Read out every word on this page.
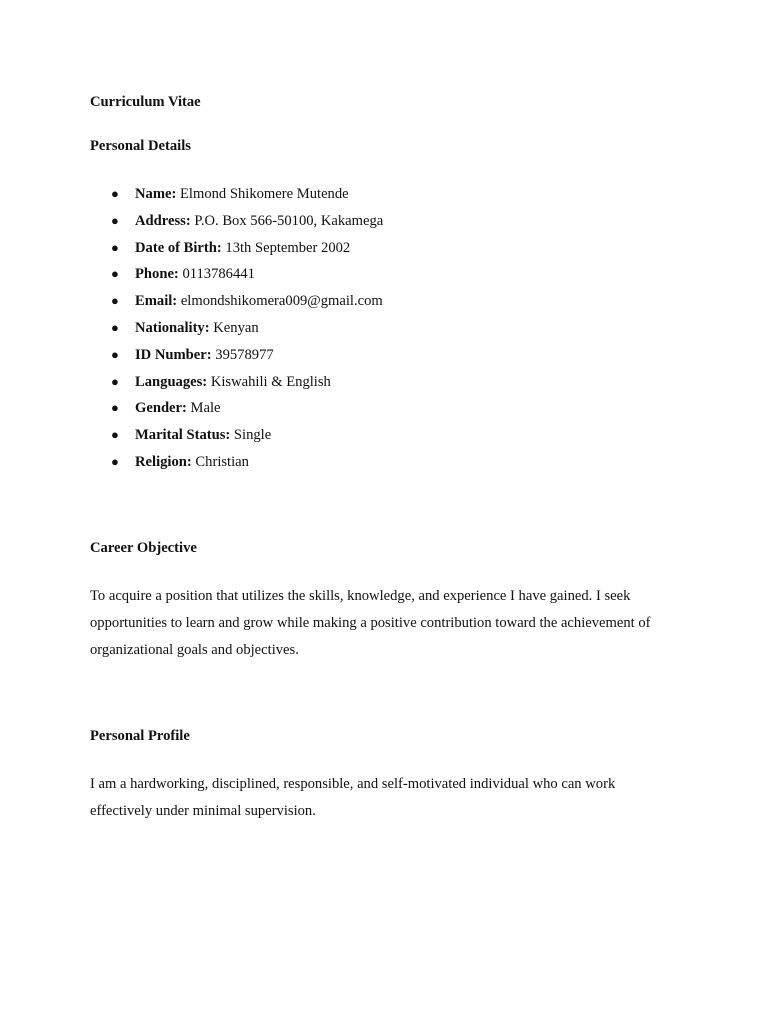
Curriculum Vitae

Personal Details

● Name: Elmond Shikomere Mutende
● Address: P.O. Box 566-50100, Kakamega
● Date of Birth: 13th September 2002
● Phone: 0113786441
● Email: elmondshikomera009@gmail.com
● Nationality: Kenyan
● ID Number: 39578977
● Languages: Kiswahili & English
● Gender: Male
● Marital Status: Single
● Religion: Christian

Career Objective

To acquire a position that utilizes the skills, knowledge, and experience I have gained. I seek

opportunities to learn and grow while making a positive contribution toward the achievement of

organizational goals and objectives.

Personal Profile

I am a hardworking, disciplined, responsible, and self-motivated individual who can work

effectively under minimal supervision.
